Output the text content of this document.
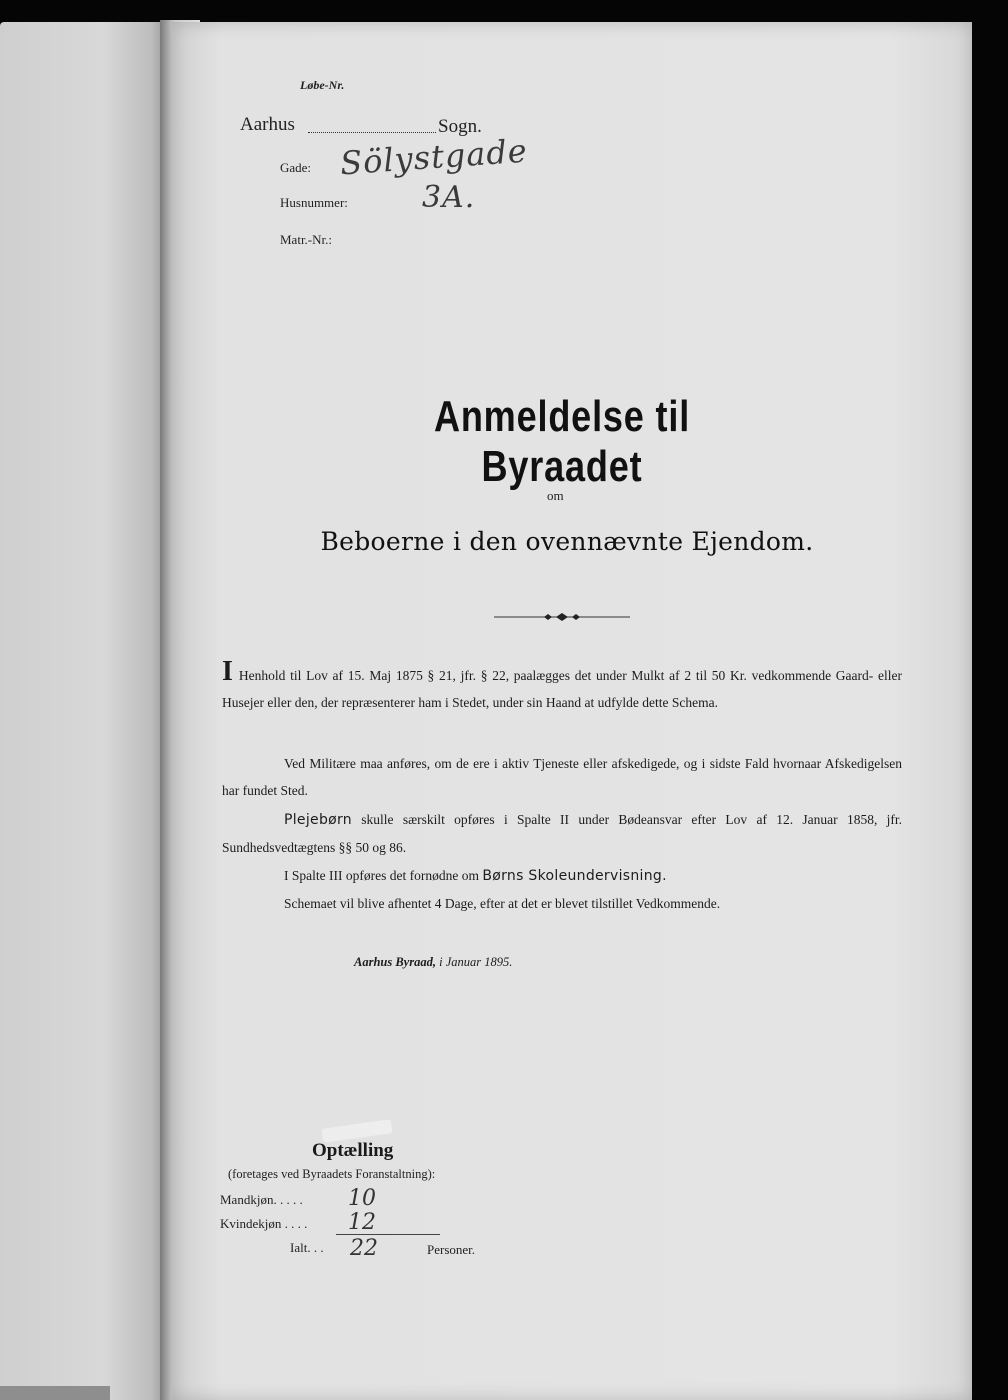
Løbe-Nr.
Aarhus	Sogn.
Gade: Sölystgade
Husnummer: 3A.
Matr.-Nr.:
Anmeldelse til Byraadet
om
Beboerne i den ovennævnte Ejendom.
I Henhold til Lov af 15. Maj 1875 § 21, jfr. § 22, paalægges det under Mulkt af 2 til 50 Kr. vedkommende Gaard- eller Husejer eller den, der repræsenterer ham i Stedet, under sin Haand at udfylde dette Schema.
Ved Militære maa anføres, om de ere i aktiv Tjeneste eller afskedigede, og i sidste Fald hvornaar Afskedigelsen har fundet Sted.
Plejebørn skulle særskilt opføres i Spalte II under Bødeansvar efter Lov af 12. Januar 1858, jfr. Sundhedsvedtægtens §§ 50 og 86.
I Spalte III opføres det fornødne om Børns Skoleundervisning.
Schemaet vil blive afhentet 4 Dage, efter at det er blevet tilstillet Vedkommende.
Aarhus Byraad, i Januar 1895.
Optælling
(foretages ved Byraadets Foranstaltning):
Mandkjøn. . . . . 10
Kvindekjøn . . . . 12
Ialt. . . 22	Personer.
